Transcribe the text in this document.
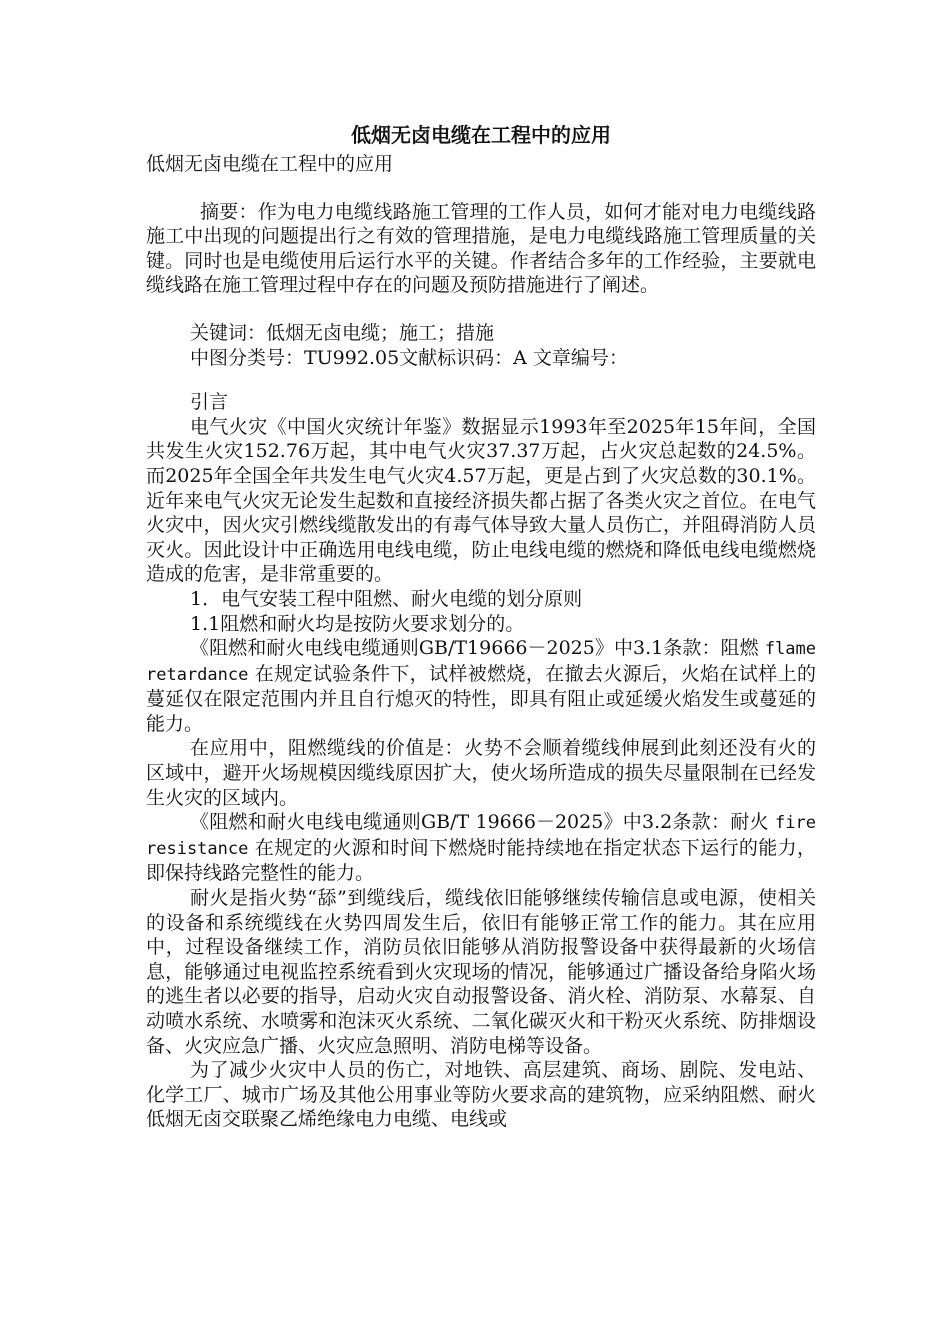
低烟无卤电缆在工程中的应用
低烟无卤电缆在工程中的应用

摘要：作为电力电缆线路施工管理的工作人员，如何才能对电力电缆线路施工中出现的问题提出行之有效的管理措施，是电力电缆线路施工管理质量的关键。同时也是电缆使用后运行水平的关键。作者结合多年的工作经验，主要就电缆线路在施工管理过程中存在的问题及预防措施进行了阐述。

关键词：低烟无卤电缆；施工；措施

中图分类号：TU992.05文献标识码：A 文章编号：

引言

电气火灾《中国火灾统计年鉴》数据显示1993年至2025年15年间，全国共发生火灾152.76万起，其中电气火灾37.37万起，占火灾总起数的24.5%。而2025年全国全年共发生电气火灾4.57万起，更是占到了火灾总数的30.1%。近年来电气火灾无论发生起数和直接经济损失都占据了各类火灾之首位。在电气火灾中，因火灾引燃线缆散发出的有毒气体导致大量人员伤亡，并阻碍消防人员灭火。因此设计中正确选用电线电缆，防止电线电缆的燃烧和降低电线电缆燃烧造成的危害，是非常重要的。

1．电气安装工程中阻燃、耐火电缆的划分原则

1.1阻燃和耐火均是按防火要求划分的。

《阻燃和耐火电线电缆通则GB/T19666－2025》中3.1条款：阻燃 flame retardance 在规定试验条件下，试样被燃烧，在撤去火源后，火焰在试样上的蔓延仅在限定范围内并且自行熄灭的特性，即具有阻止或延缓火焰发生或蔓延的能力。

在应用中，阻燃缆线的价值是：火势不会顺着缆线伸展到此刻还没有火的区域中，避开火场规模因缆线原因扩大，使火场所造成的损失尽量限制在已经发生火灾的区域内。

《阻燃和耐火电线电缆通则GB/T 19666－2025》中3.2条款：耐火 fire resistance 在规定的火源和时间下燃烧时能持续地在指定状态下运行的能力，即保持线路完整性的能力。

耐火是指火势“舔”到缆线后，缆线依旧能够继续传输信息或电源，使相关的设备和系统缆线在火势四周发生后，依旧有能够正常工作的能力。其在应用中，过程设备继续工作，消防员依旧能够从消防报警设备中获得最新的火场信息，能够通过电视监控系统看到火灾现场的情况，能够通过广播设备给身陷火场的逃生者以必要的指导，启动火灾自动报警设备、消火栓、消防泵、水幕泵、自动喷水系统、水喷雾和泡沫灭火系统、二氧化碳灭火和干粉灭火系统、防排烟设备、火灾应急广播、火灾应急照明、消防电梯等设备。

为了减少火灾中人员的伤亡，对地铁、高层建筑、商场、剧院、发电站、化学工厂、城市广场及其他公用事业等防火要求高的建筑物，应采纳阻燃、耐火低烟无卤交联聚乙烯绝缘电力电缆、电线或
